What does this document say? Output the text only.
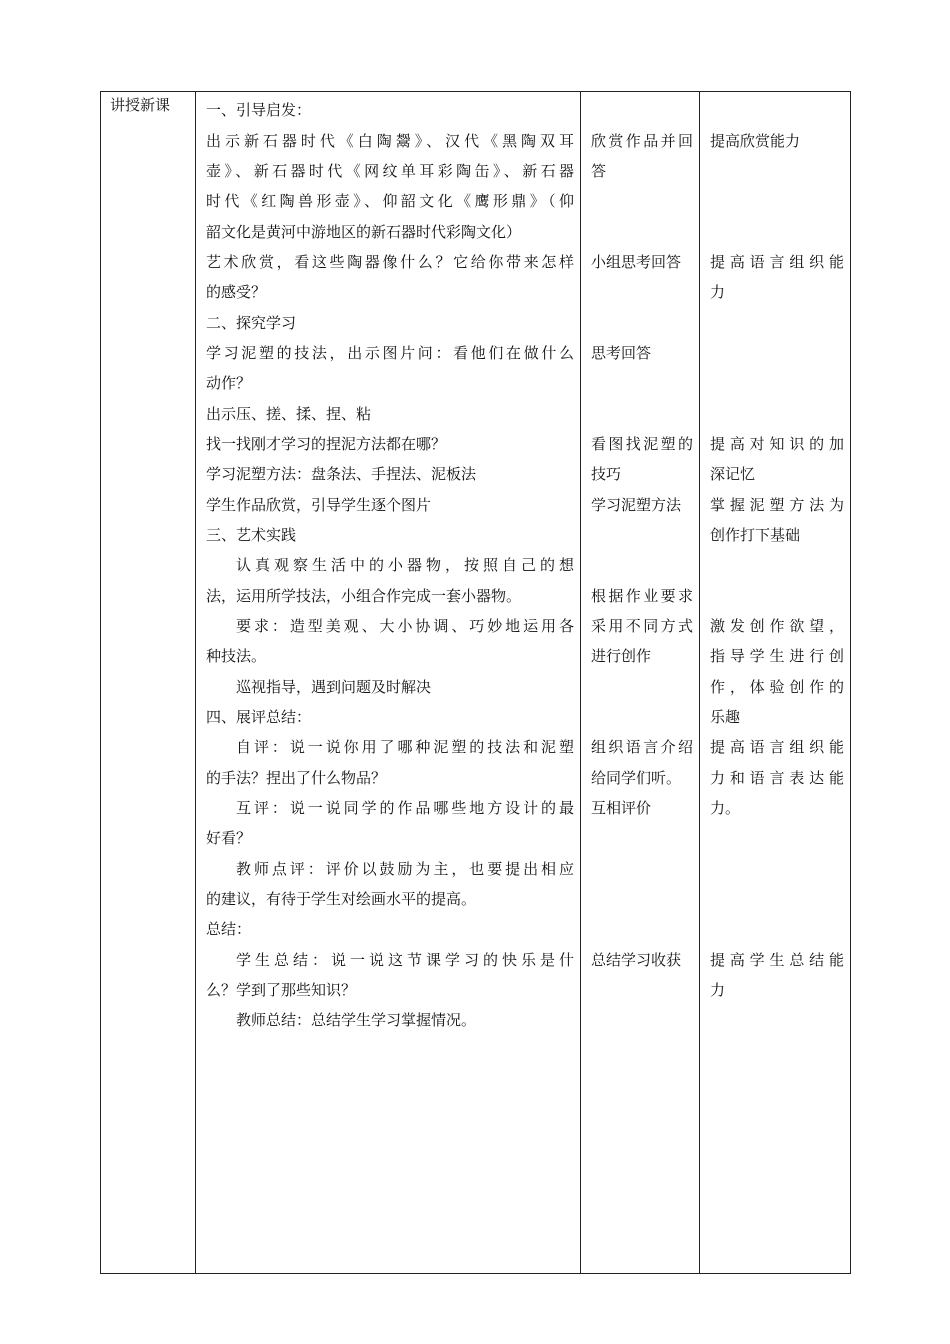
讲授新课 一、引导启发：
出示新石器时代《白陶鬶》、汉代《黑陶双耳
壶》、新石器时代《网纹单耳彩陶缶》、新石器
时代《红陶兽形壶》、仰韶文化《鹰形鼎》（仰
韶文化是黄河中游地区的新石器时代彩陶文化）
艺术欣赏，看这些陶器像什么？它给你带来怎样
的感受？
二、探究学习
学习泥塑的技法，出示图片问：看他们在做什么
动作？
出示压、搓、揉、捏、粘
找一找刚才学习的捏泥方法都在哪？
学习泥塑方法：盘条法、手捏法、泥板法
学生作品欣赏，引导学生逐个图片
三、艺术实践
认真观察生活中的小器物，按照自己的想
法，运用所学技法，小组合作完成一套小器物。
要求：造型美观、大小协调、巧妙地运用各
种技法。
巡视指导，遇到问题及时解决
四、展评总结：
自评：说一说你用了哪种泥塑的技法和泥塑
的手法？捏出了什么物品？
互评：说一说同学的作品哪些地方设计的最
好看？
教师点评：评价以鼓励为主，也要提出相应
的建议，有待于学生对绘画水平的提高。
总结：
学生总结：说一说这节课学习的快乐是什
么？学到了那些知识？
教师总结：总结学生学习掌握情况。
欣赏作品并回
答
小组思考回答
思考回答
看图找泥塑的
技巧
学习泥塑方法
根据作业要求
采用不同方式
进行创作
组织语言介绍
给同学们听。
互相评价
总结学习收获
提高欣赏能力
提高语言组织能
力
提高对知识的加
深记忆
掌握泥塑方法为
创作打下基础
激发创作欲望，
指导学生进行创
作，体验创作的
乐趣
提高语言组织能
力和语言表达能
力。
提高学生总结能
力
